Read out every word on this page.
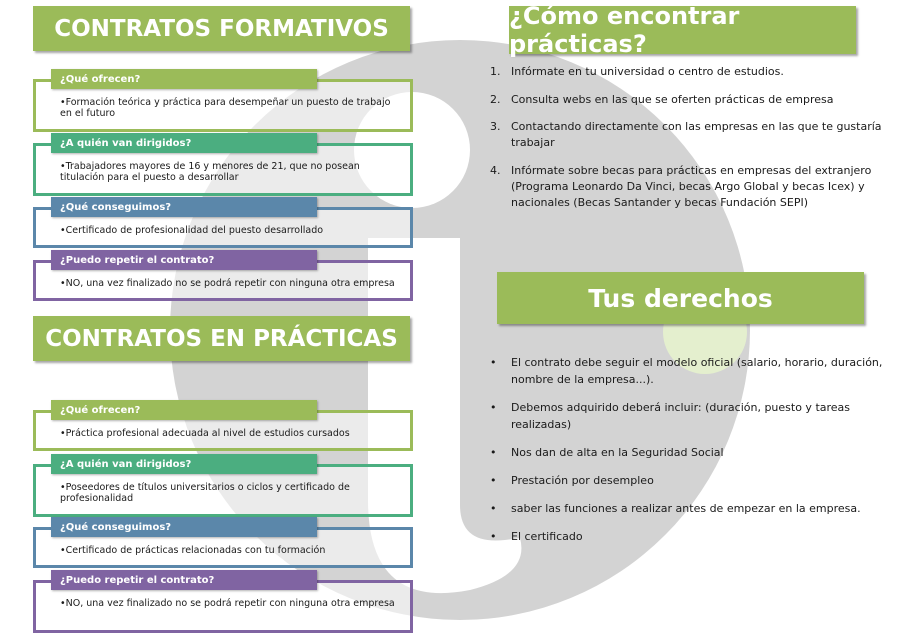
CONTRATOS FORMATIVOS
¿Qué ofrecen?
•Formación teórica y práctica para desempeñar un puesto de trabajo en el futuro
¿A quién van dirigidos?
•Trabajadores mayores de 16 y menores de 21, que no posean titulación para el puesto a desarrollar
¿Qué conseguimos?
•Certificado de profesionalidad del puesto desarrollado
¿Puedo repetir el contrato?
•NO, una vez finalizado no se podrá repetir con ninguna otra empresa
CONTRATOS EN PRÁCTICAS
¿Qué ofrecen?
•Práctica profesional adecuada al nivel de estudios cursados
¿A quién van dirigidos?
•Poseedores de títulos universitarios o ciclos y certificado de profesionalidad
¿Qué conseguimos?
•Certificado de prácticas relacionadas con tu formación
¿Puedo repetir el contrato?
•NO, una vez finalizado no se podrá repetir con ninguna otra empresa
¿Cómo encontrar prácticas?
1. Infórmate en tu universidad o centro de estudios.
2. Consulta webs en las que se oferten prácticas de empresa
3. Contactando directamente con las empresas en las que te gustaría trabajar
4. Infórmate sobre becas para prácticas en empresas del extranjero (Programa Leonardo Da Vinci, becas Argo Global y becas Icex) y nacionales (Becas Santander y becas Fundación SEPI)
Tus derechos
•	El contrato debe seguir el modelo oficial (salario, horario, duración, nombre de la empresa...).
•	Debemos adquirido deberá incluir: (duración, puesto y tareas realizadas)
•	Nos dan de alta en la Seguridad Social
•	Prestación por desempleo
•	saber las funciones a realizar antes de empezar en la empresa.
•	El certificado
